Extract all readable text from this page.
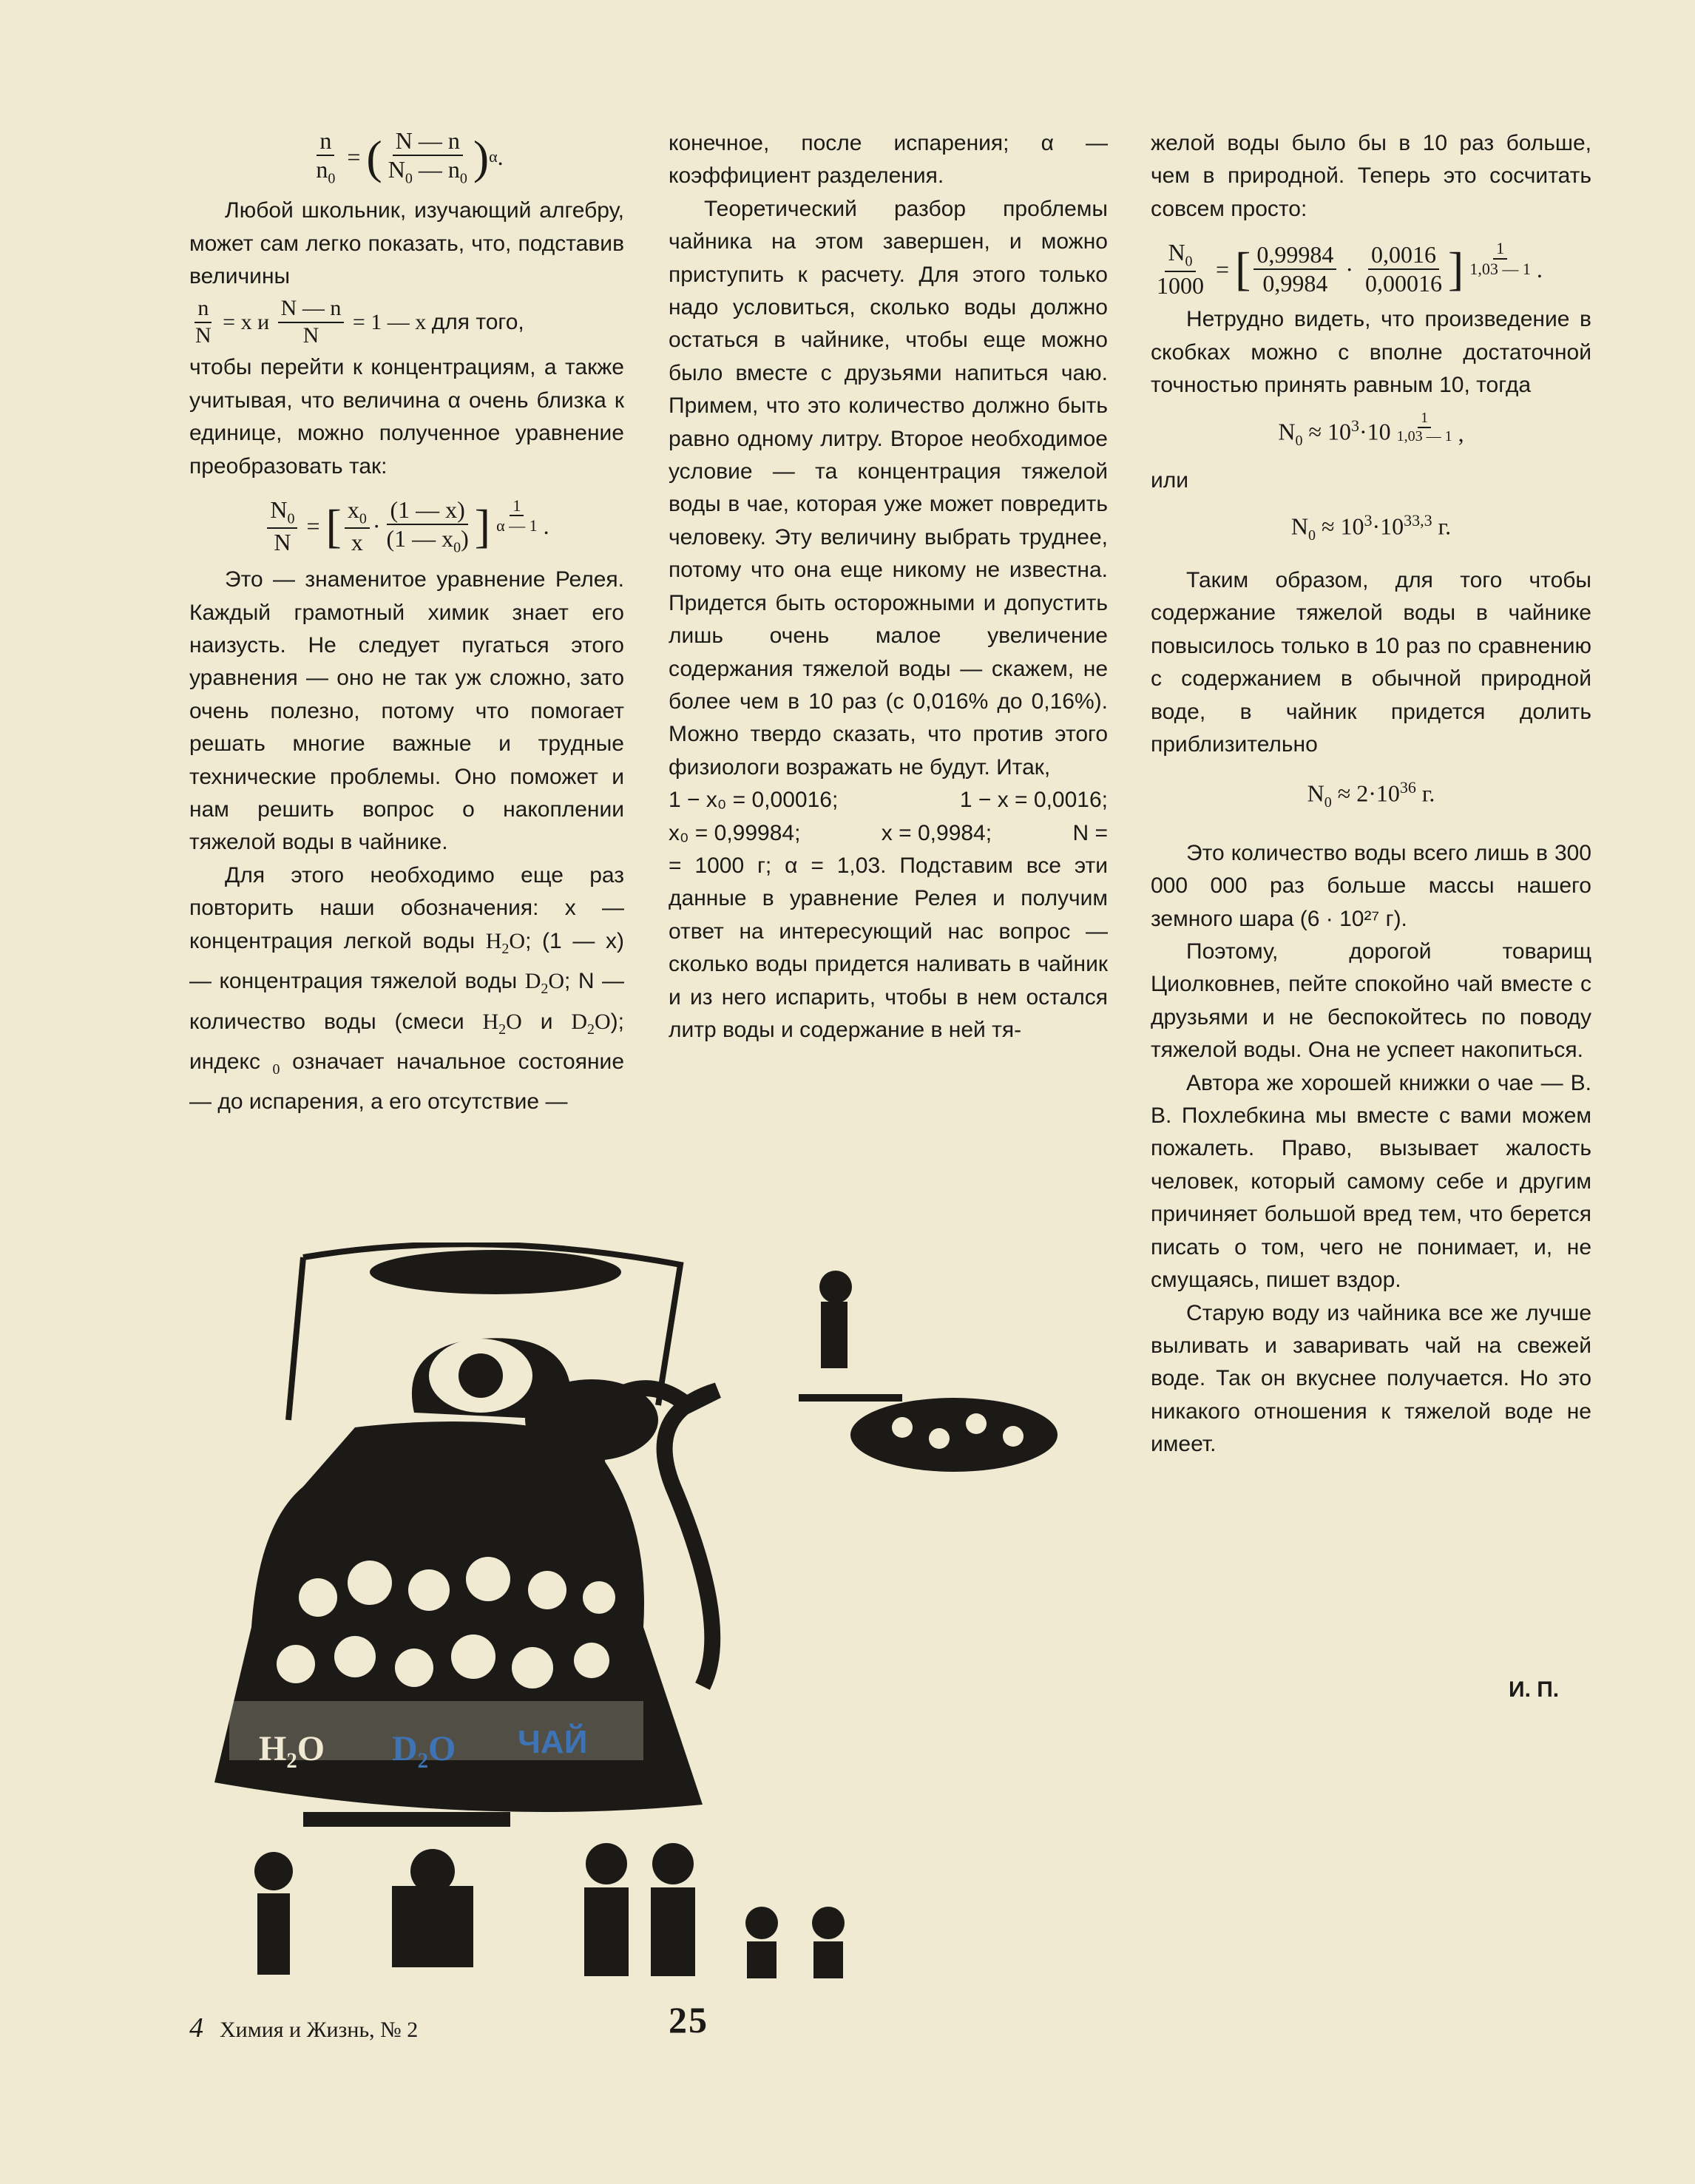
$\frac{n}{n_0}$ = ( $\frac{N — n}{N_0 — n_0}$ ) α .

Любой школьник, изучающий алгебру, может сам легко показать, что, подставив величины

$\frac{n}{N} = x$ и $\frac{N — n}{N} = 1$ — x для того,

чтобы перейти к концентрациям, а также учитывая, что величина α очень близка к единице, можно полученное уравнение преобразовать так:

$\frac{N_0}{N}$ = [ $\frac{x_0}{x} \cdot \frac{(1 — x)}{(1 — x_0)}$ ] $\frac{1}{\alpha — 1}$ .

Это — знаменитое уравнение Релея. Каждый грамотный химик знает его наизусть. Не следует пугаться этого уравнения — оно не так уж сложно, зато очень полезно, потому что помогает решать многие важные и трудные технические проблемы. Оно поможет и нам решить вопрос о накоплении тяжелой воды в чайнике.

Для этого необходимо еще раз повторить наши обозначения: x — концентрация легкой воды $H_2O$; (1 — x) — концентрация тяжелой воды $D_2O$; N — количество воды (смеси $H_2O$ и $D_2O$); индекс $_0$ означает начальное состояние — до испарения, а его отсутствие —

конечное, после испарения; α — коэффициент разделения.

Теоретический разбор проблемы чайника на этом завершен, и можно приступить к расчету. Для этого только надо условиться, сколько воды должно остаться в чайнике, чтобы еще можно было вместе с друзьями напиться чаю. Примем, что это количество должно быть равно одному литру. Второе необходимое условие — та концентрация тяжелой воды в чае, которая уже может повредить человеку. Эту величину выбрать труднее, потому что она еще никому не известна. Придется быть осторожными и допустить лишь очень малое увеличение содержания тяжелой воды — скажем, не более чем в 10 раз (с 0,016% до 0,16%). Можно твердо сказать, что против этого физиологи возражать не будут. Итак,

1 − x₀ = 0,00016;	1 − x = 0,0016;
x₀ = 0,99984;	x = 0,9984;	N =

= 1000 г; α = 1,03. Подставим все эти данные в уравнение Релея и получим ответ на интересующий нас вопрос — сколько воды придется наливать в чайник и из него испарить, чтобы в нем остался литр воды и содержание в ней тя-

желой воды было бы в 10 раз больше, чем в природной. Теперь это сосчитать совсем просто:

$\frac{N_0}{1000}$ = [ $\frac{0,99984}{0,9984} \cdot \frac{0,0016}{0,00016}$ ] $\frac{1}{1,03 — 1}$ .

Нетрудно видеть, что произведение в скобках можно с вполне достаточной точностью принять равным 10, тогда

$N_0 \approx 10^3\cdot 10 \frac{1}{1,03 — 1}$ ,

или

$N_0 \approx 10^3\cdot 10^{33,3}$ г.

Таким образом, для того чтобы содержание тяжелой воды в чайнике повысилось только в 10 раз по сравнению с содержанием в обычной природной воде, в чайник придется долить приблизительно

$N_0 \approx 2\cdot 10^{36}$ г.

Это количество воды всего лишь в 300 000 000 раз больше массы нашего земного шара (6 · 10²⁷ г).

Поэтому, дорогой товарищ Циолковнев, пейте спокойно чай вместе с друзьями и не беспокойтесь по поводу тяжелой воды. Она не успеет накопиться.

Автора же хорошей книжки о чае — В. В. Похлебкина мы вместе с вами можем пожалеть. Право, вызывает жалость человек, который самому себе и другим причиняет большой вред тем, что берется писать о том, чего не понимает, и, не смущаясь, пишет вздор.

Старую воду из чайника все же лучше выливать и заваривать чай на свежей воде. Так он вкуснее получается. Но это никакого отношения к тяжелой воде не имеет.

И. П.
H₂O D₂O ЧАЙ
4 Химия и Жизнь, № 2	25
